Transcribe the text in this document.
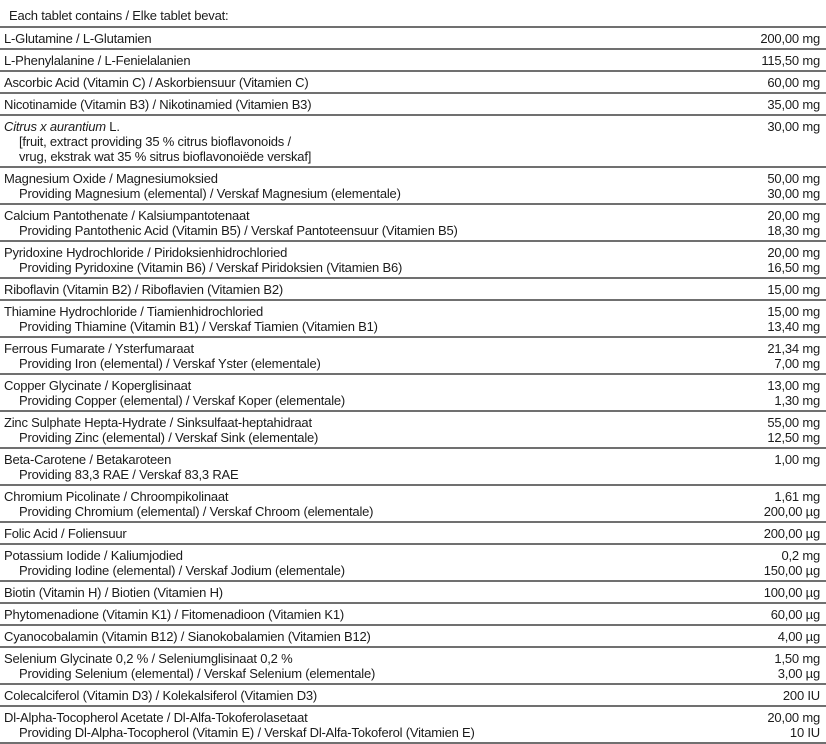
Each tablet contains / Elke tablet bevat:
L-Glutamine / L-Glutamien	200,00 mg
L-Phenylalanine / L-Fenielalanien	115,50 mg
Ascorbic Acid (Vitamin C) / Askorbiensuur (Vitamien C)	60,00 mg
Nicotinamide (Vitamin B3) / Nikotinamied (Vitamien B3)	35,00 mg
Citrus x aurantium L.	30,00 mg
[fruit, extract providing 35 % citrus bioflavonoids /
vrug, ekstrak wat 35 % sitrus bioflavonoiëde verskaf]
Magnesium Oxide / Magnesiumoksied	50,00 mg
Providing Magnesium (elemental) / Verskaf Magnesium (elementale)	30,00 mg
Calcium Pantothenate / Kalsiumpantotenaat	20,00 mg
Providing Pantothenic Acid (Vitamin B5) / Verskaf Pantoteensuur (Vitamien B5)	18,30 mg
Pyridoxine Hydrochloride / Piridoksienhidrochloried	20,00 mg
Providing Pyridoxine (Vitamin B6) / Verskaf Piridoksien (Vitamien B6)	16,50 mg
Riboflavin (Vitamin B2) / Riboflavien (Vitamien B2)	15,00 mg
Thiamine Hydrochloride / Tiamienhidrochloried	15,00 mg
Providing Thiamine (Vitamin B1) / Verskaf Tiamien (Vitamien B1)	13,40 mg
Ferrous Fumarate / Ysterfumaraat	21,34 mg
Providing Iron (elemental) / Verskaf Yster (elementale)	7,00 mg
Copper Glycinate / Koperglisinaat	13,00 mg
Providing Copper (elemental) / Verskaf Koper (elementale)	1,30 mg
Zinc Sulphate Hepta-Hydrate / Sinksulfaat-heptahidraat	55,00 mg
Providing Zinc (elemental) / Verskaf Sink (elementale)	12,50 mg
Beta-Carotene / Betakaroteen	1,00 mg
Providing 83,3 RAE / Verskaf 83,3 RAE
Chromium Picolinate / Chroompikolinaat	1,61 mg
Providing Chromium (elemental) / Verskaf Chroom (elementale)	200,00 µg
Folic Acid / Foliensuur	200,00 µg
Potassium Iodide / Kaliumjodied	0,2 mg
Providing Iodine (elemental) / Verskaf Jodium (elementale)	150,00 µg
Biotin (Vitamin H) / Biotien (Vitamien H)	100,00 µg
Phytomenadione (Vitamin K1) / Fitomenadioon (Vitamien K1)	60,00 µg
Cyanocobalamin (Vitamin B12) / Sianokobalamien (Vitamien B12)	4,00 µg
Selenium Glycinate 0,2 % / Seleniumglisinaat 0,2 %	1,50 mg
Providing Selenium (elemental) / Verskaf Selenium (elementale)	3,00 µg
Colecalciferol (Vitamin D3) / Kolekalsiferol (Vitamien D3)	200 IU
Dl-Alpha-Tocopherol Acetate / Dl-Alfa-Tokoferolasetaat	20,00 mg
Providing Dl-Alpha-Tocopherol (Vitamin E) / Verskaf Dl-Alfa-Tokoferol (Vitamien E)	10 IU
